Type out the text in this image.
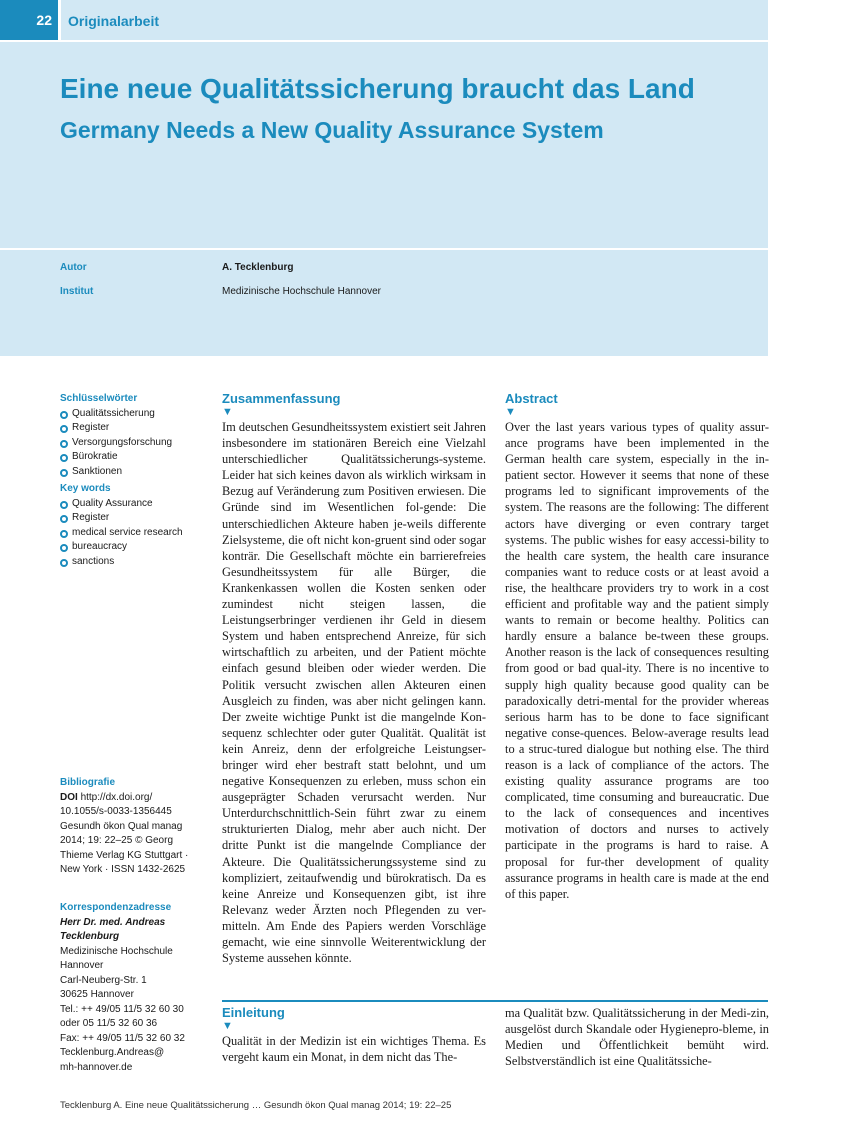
22	Originalarbeit
Eine neue Qualitätssicherung braucht das Land
Germany Needs a New Quality Assurance System
Autor	A. Tecklenburg
Institut	Medizinische Hochschule Hannover
Schlüsselwörter
Qualitätssicherung
Register
Versorgungsforschung
Bürokratie
Sanktionen
Key words
Quality Assurance
Register
medical service research
bureaucracy
sanctions
Bibliografie
DOI http://dx.doi.org/
10.1055/s-0033-1356445
Gesundh ökon Qual manag
2014; 19: 22–25 © Georg
Thieme Verlag KG Stuttgart ·
New York · ISSN 1432-2625
Korrespondenzadresse
Herr Dr. med. Andreas
Tecklenburg
Medizinische Hochschule
Hannover
Carl-Neuberg-Str. 1
30625 Hannover
Tel.: ++ 49/05 11/5 32 60 30
oder 05 11/5 32 60 36
Fax: ++ 49/05 11/5 32 60 32
Tecklenburg.Andreas@
mh-hannover.de
Zusammenfassung
▼
Im deutschen Gesundheitssystem existiert seit Jahren insbesondere im stationären Bereich eine Vielzahl unterschiedlicher Qualitätssicherungs-systeme. Leider hat sich keines davon als wirklich wirksam in Bezug auf Veränderung zum Positiven erwiesen. Die Gründe sind im Wesentlichen fol-gende: Die unterschiedlichen Akteure haben je-weils differente Zielsysteme, die oft nicht kon-gruent sind oder sogar konträr. Die Gesellschaft möchte ein barrierefreies Gesundheitssystem für alle Bürger, die Krankenkassen wollen die Kosten senken oder zumindest nicht steigen lassen, die Leistungserbringer verdienen ihr Geld in diesem System und haben entsprechend Anreize, für sich wirtschaftlich zu arbeiten, und der Patient möchte einfach gesund bleiben oder wieder werden. Die Politik versucht zwischen allen Akteuren einen Ausgleich zu finden, was aber nicht gelingen kann. Der zweite wichtige Punkt ist die mangelnde Kon-sequenz schlechter oder guter Qualität. Qualität ist kein Anreiz, denn der erfolgreiche Leistungser-bringer wird eher bestraft statt belohnt, und um negative Konsequenzen zu erleben, muss schon ein ausgeprägter Schaden verursacht werden. Nur Unterdurchschnittlich-Sein führt zwar zu einem strukturierten Dialog, mehr aber auch nicht. Der dritte Punkt ist die mangelnde Compliance der Akteure. Die Qualitätssicherungssysteme sind zu kompliziert, zeitaufwendig und bürokratisch. Da es keine Anreize und Konsequenzen gibt, ist ihre Relevanz weder Ärzten noch Pflegenden zu ver-mitteln. Am Ende des Papiers werden Vorschläge gemacht, wie eine sinnvolle Weiterentwicklung der Systeme aussehen könnte.
Abstract
▼
Over the last years various types of quality assur-ance programs have been implemented in the German health care system, especially in the in-patient sector. However it seems that none of these programs led to significant improvements of the system. The reasons are the following: The different actors have diverging or even contrary target systems. The public wishes for easy accessi-bility to the health care system, the health care insurance companies want to reduce costs or at least avoid a rise, the healthcare providers try to work in a cost efficient and profitable way and the patient simply wants to remain or become healthy. Politics can hardly ensure a balance be-tween these groups. Another reason is the lack of consequences resulting from good or bad qual-ity. There is no incentive to supply high quality because good quality can be paradoxically detri-mental for the provider whereas serious harm has to be done to face significant negative conse-quences. Below-average results lead to a struc-tured dialogue but nothing else. The third reason is a lack of compliance of the actors. The existing quality assurance programs are too complicated, time consuming and bureaucratic. Due to the lack of consequences and incentives motivation of doctors and nurses to actively participate in the programs is hard to raise. A proposal for fur-ther development of quality assurance programs in health care is made at the end of this paper.
Einleitung
▼
Qualität in der Medizin ist ein wichtiges Thema. Es vergeht kaum ein Monat, in dem nicht das The-
ma Qualität bzw. Qualitätssicherung in der Medi-zin, ausgelöst durch Skandale oder Hygienepro-bleme, in Medien und Öffentlichkeit bemüht wird. Selbstverständlich ist eine Qualitätssiche-
Tecklenburg A. Eine neue Qualitätssicherung … Gesundh ökon Qual manag 2014; 19: 22–25
